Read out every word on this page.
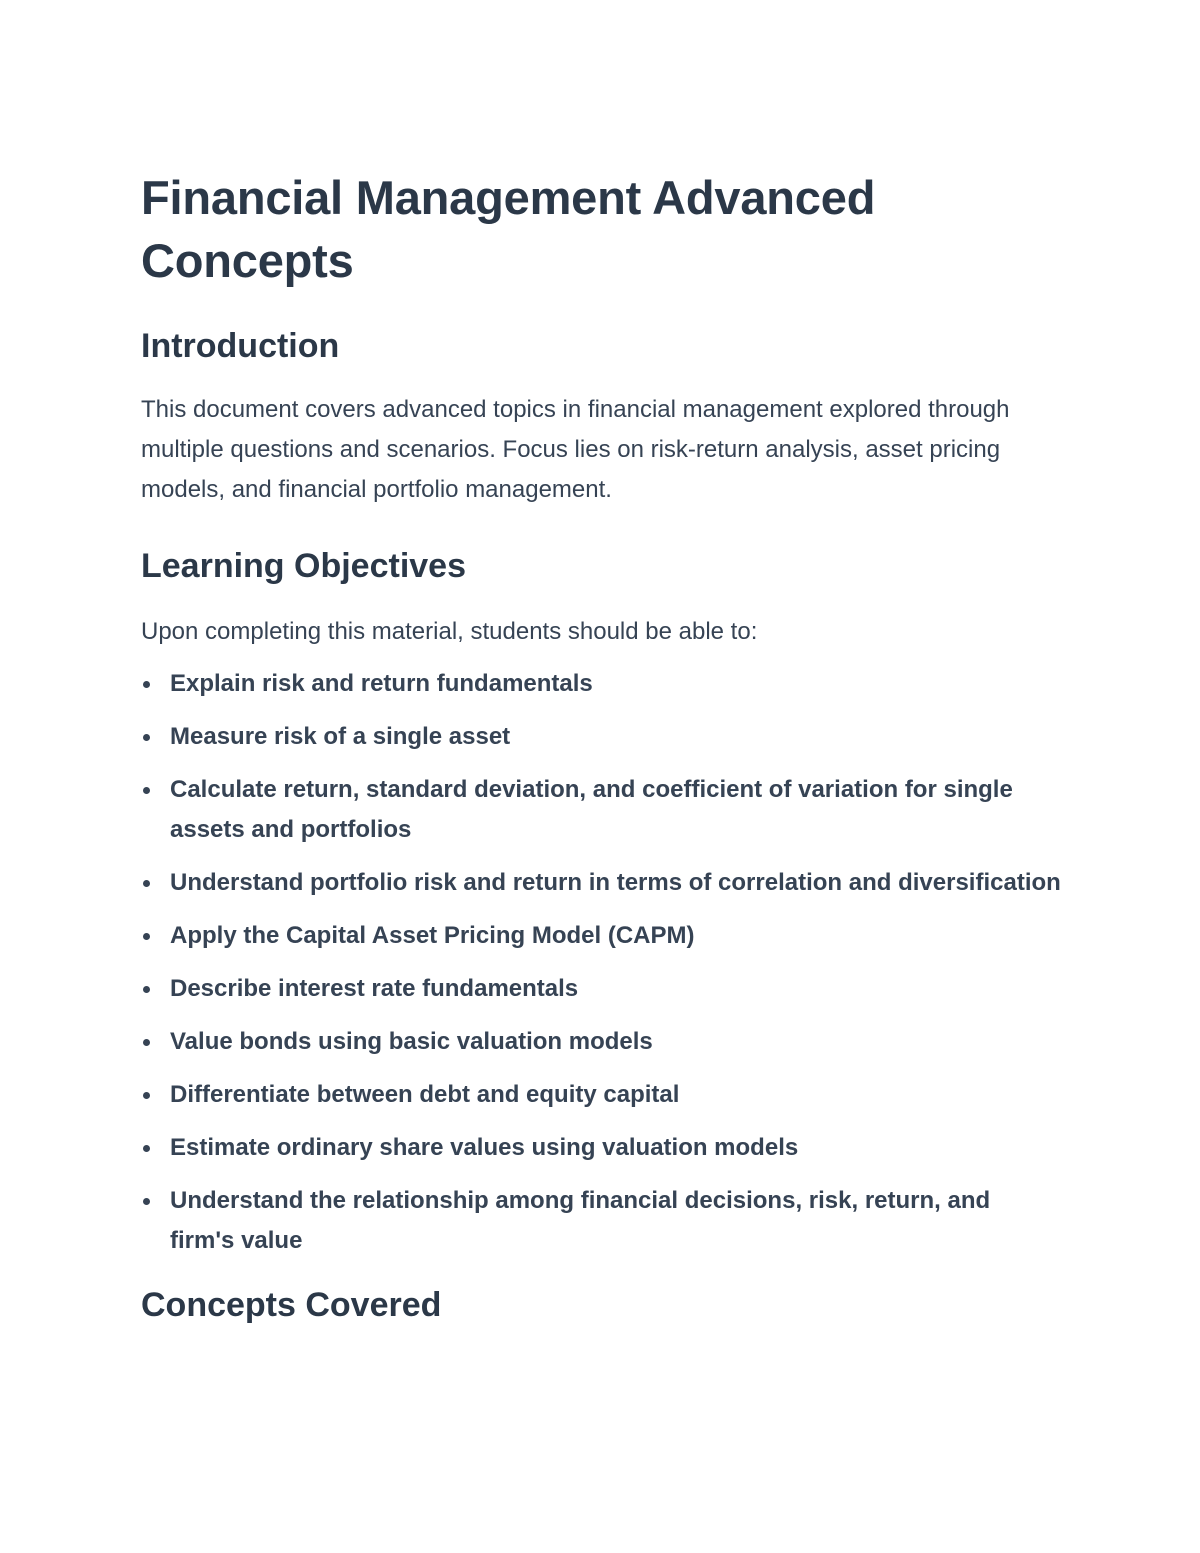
Financial Management Advanced Concepts
Introduction

This document covers advanced topics in financial management explored through multiple questions and scenarios. Focus lies on risk-return analysis, asset pricing models, and financial portfolio management.

Learning Objectives

Upon completing this material, students should be able to:

Explain risk and return fundamentals
Measure risk of a single asset
Calculate return, standard deviation, and coefficient of variation for single assets and portfolios
Understand portfolio risk and return in terms of correlation and diversification
Apply the Capital Asset Pricing Model (CAPM)
Describe interest rate fundamentals
Value bonds using basic valuation models
Differentiate between debt and equity capital
Estimate ordinary share values using valuation models
Understand the relationship among financial decisions, risk, return, and firm's value
Concepts Covered
